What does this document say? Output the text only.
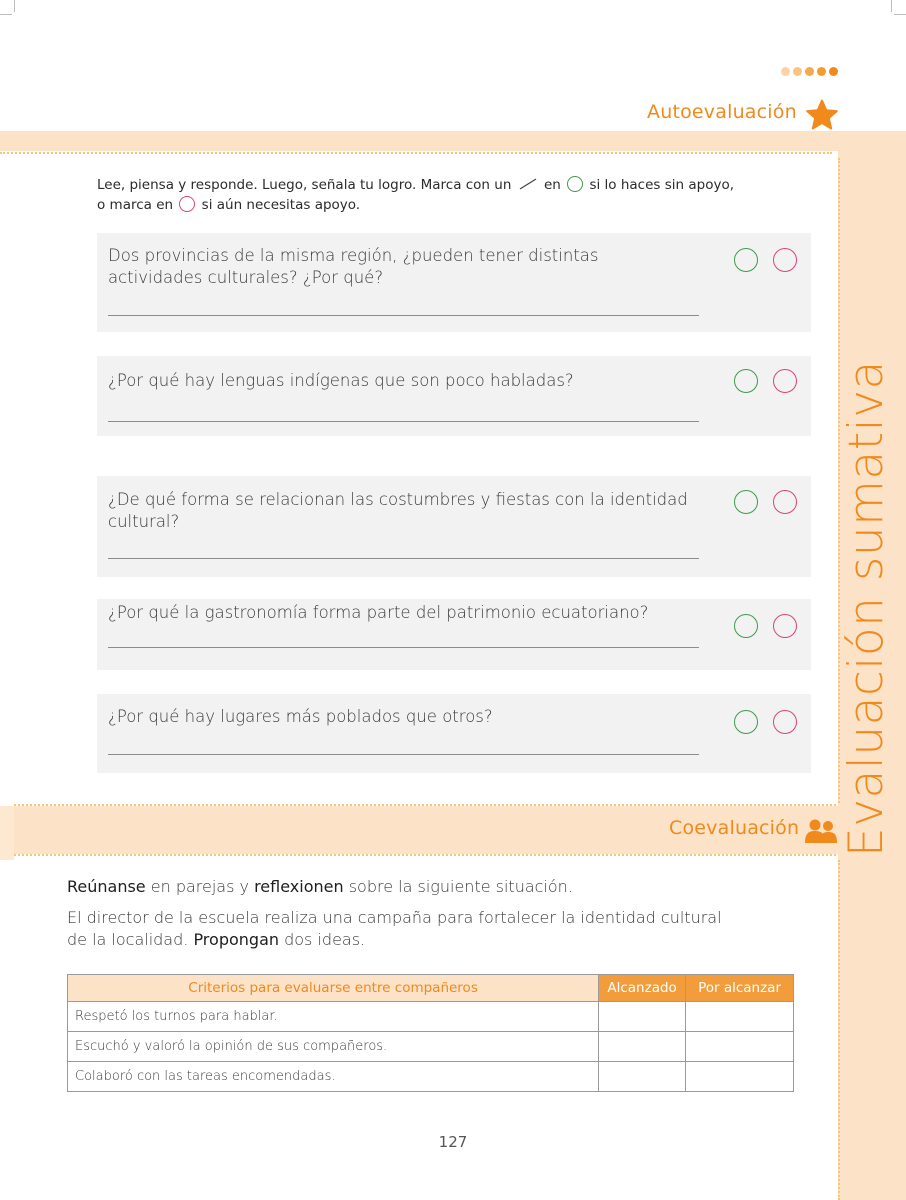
Autoevaluación
Evaluación sumativa
Lee, piensa y responde. Luego, señala tu logro. Marca con un en si lo haces sin apoyo,
o marca en si aún necesitas apoyo.
Dos provincias de la misma región, ¿pueden tener distintas actividades culturales? ¿Por qué?
¿Por qué hay lenguas indígenas que son poco habladas?
¿De qué forma se relacionan las costumbres y fiestas con la identidad cultural?
¿Por qué la gastronomía forma parte del patrimonio ecuatoriano?
¿Por qué hay lugares más poblados que otros?
Coevaluación
Reúnanse en parejas y reflexionen sobre la siguiente situación.
El director de la escuela realiza una campaña para fortalecer la identidad cultural
de la localidad. Propongan dos ideas.
Criterios para evaluarse entre compañeros	Alcanzado	Por alcanzar
Respetó los turnos para hablar.		
Escuchó y valoró la opinión de sus compañeros.		
Colaboró con las tareas encomendadas.		
127
